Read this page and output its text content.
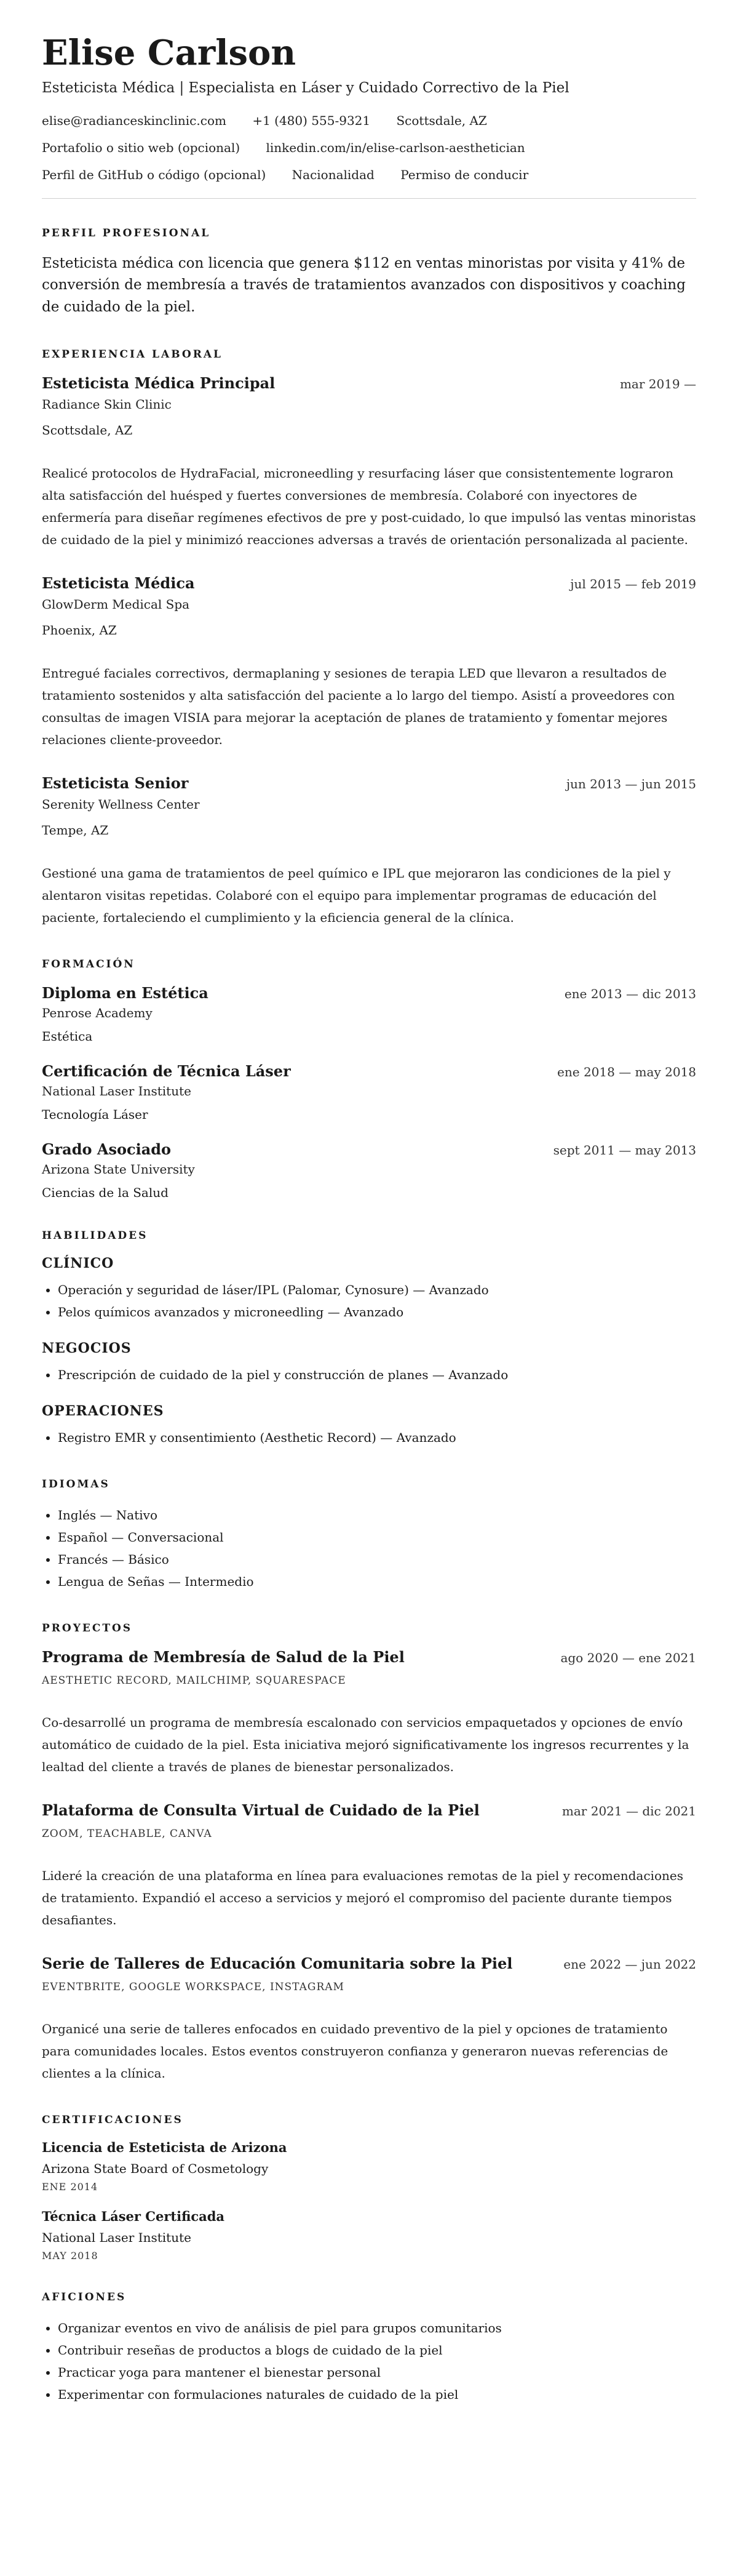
Elise Carlson
Esteticista Médica | Especialista en Láser y Cuidado Correctivo de la Piel
elise@radianceskinclinic.com +1 (480) 555-9321 Scottsdale, AZ
Portafolio o sitio web (opcional) linkedin.com/in/elise-carlson-aesthetician
Perfil de GitHub o código (opcional) Nacionalidad Permiso de conducir
PERFIL PROFESIONAL

Esteticista médica con licencia que genera $112 en ventas minoristas por visita y 41% de conversión de membresía a través de tratamientos avanzados con dispositivos y coaching de cuidado de la piel.

EXPERIENCIA LABORAL
Esteticista Médica Principal	mar 2019 —
Radiance Skin Clinic
Scottsdale, AZ
Realicé protocolos de HydraFacial, microneedling y resurfacing láser que consistentemente lograron alta satisfacción del huésped y fuertes conversiones de membresía. Colaboré con inyectores de enfermería para diseñar regímenes efectivos de pre y post-cuidado, lo que impulsó las ventas minoristas de cuidado de la piel y minimizó reacciones adversas a través de orientación personalizada al paciente.
Esteticista Médica	jul 2015 — feb 2019
GlowDerm Medical Spa
Phoenix, AZ
Entregué faciales correctivos, dermaplaning y sesiones de terapia LED que llevaron a resultados de tratamiento sostenidos y alta satisfacción del paciente a lo largo del tiempo. Asistí a proveedores con consultas de imagen VISIA para mejorar la aceptación de planes de tratamiento y fomentar mejores relaciones cliente-proveedor.
Esteticista Senior	jun 2013 — jun 2015
Serenity Wellness Center
Tempe, AZ
Gestioné una gama de tratamientos de peel químico e IPL que mejoraron las condiciones de la piel y alentaron visitas repetidas. Colaboré con el equipo para implementar programas de educación del paciente, fortaleciendo el cumplimiento y la eficiencia general de la clínica.
FORMACIÓN
Diploma en Estética	ene 2013 — dic 2013
Penrose Academy
Estética
Certificación de Técnica Láser	ene 2018 — may 2018
National Laser Institute
Tecnología Láser
Grado Asociado	sept 2011 — may 2013
Arizona State University
Ciencias de la Salud
HABILIDADES
CLÍNICO
• Operación y seguridad de láser/IPL (Palomar, Cynosure) — Avanzado
• Pelos químicos avanzados y microneedling — Avanzado
NEGOCIOS
• Prescripción de cuidado de la piel y construcción de planes — Avanzado
OPERACIONES
• Registro EMR y consentimiento (Aesthetic Record) — Avanzado
IDIOMAS
• Inglés — Nativo
• Español — Conversacional
• Francés — Básico
• Lengua de Señas — Intermedio
PROYECTOS
Programa de Membresía de Salud de la Piel	ago 2020 — ene 2021
AESTHETIC RECORD, MAILCHIMP, SQUARESPACE
Co-desarrollé un programa de membresía escalonado con servicios empaquetados y opciones de envío automático de cuidado de la piel. Esta iniciativa mejoró significativamente los ingresos recurrentes y la lealtad del cliente a través de planes de bienestar personalizados.
Plataforma de Consulta Virtual de Cuidado de la Piel	mar 2021 — dic 2021
ZOOM, TEACHABLE, CANVA
Lideré la creación de una plataforma en línea para evaluaciones remotas de la piel y recomendaciones de tratamiento. Expandió el acceso a servicios y mejoró el compromiso del paciente durante tiempos desafiantes.
Serie de Talleres de Educación Comunitaria sobre la Piel	ene 2022 — jun 2022
EVENTBRITE, GOOGLE WORKSPACE, INSTAGRAM
Organicé una serie de talleres enfocados en cuidado preventivo de la piel y opciones de tratamiento para comunidades locales. Estos eventos construyeron confianza y generaron nuevas referencias de clientes a la clínica.
CERTIFICACIONES
Licencia de Esteticista de Arizona
Arizona State Board of Cosmetology
ENE 2014
Técnica Láser Certificada
National Laser Institute
MAY 2018
AFICIONES
• Organizar eventos en vivo de análisis de piel para grupos comunitarios
• Contribuir reseñas de productos a blogs de cuidado de la piel
• Practicar yoga para mantener el bienestar personal
• Experimentar con formulaciones naturales de cuidado de la piel
